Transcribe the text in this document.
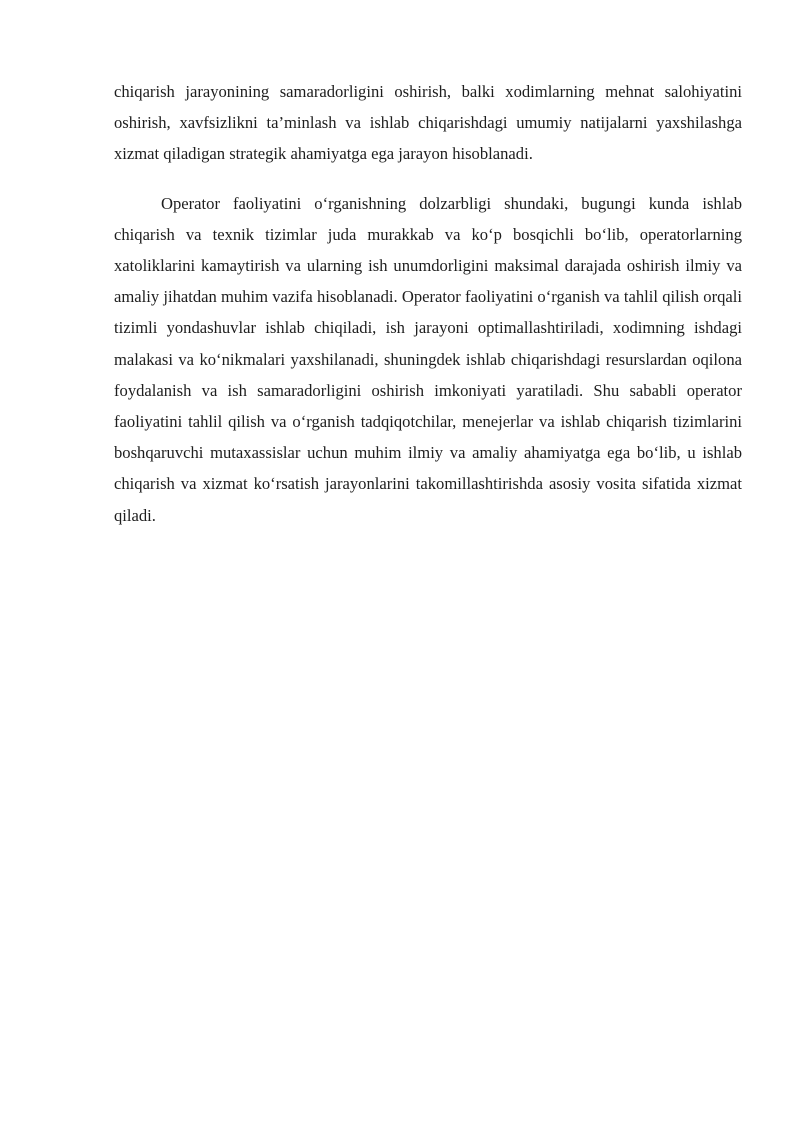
chiqarish jarayonining samaradorligini oshirish, balki xodimlarning mehnat salohiyatini oshirish, xavfsizlikni ta’minlash va ishlab chiqarishdagi umumiy natijalarni yaxshilashga xizmat qiladigan strategik ahamiyatga ega jarayon hisoblanadi.

Operator faoliyatini o‘rganishning dolzarbligi shundaki, bugungi kunda ishlab chiqarish va texnik tizimlar juda murakkab va ko‘p bosqichli bo‘lib, operatorlarning xatoliklarini kamaytirish va ularning ish unumdorligini maksimal darajada oshirish ilmiy va amaliy jihatdan muhim vazifa hisoblanadi. Operator faoliyatini o‘rganish va tahlil qilish orqali tizimli yondashuvlar ishlab chiqiladi, ish jarayoni optimallashtiriladi, xodimning ishdagi malakasi va ko‘nikmalari yaxshilanadi, shuningdek ishlab chiqarishdagi resurslardan oqilona foydalanish va ish samaradorligini oshirish imkoniyati yaratiladi. Shu sababli operator faoliyatini tahlil qilish va o‘rganish tadqiqotchilar, menejerlar va ishlab chiqarish tizimlarini boshqaruvchi mutaxassislar uchun muhim ilmiy va amaliy ahamiyatga ega bo‘lib, u ishlab chiqarish va xizmat ko‘rsatish jarayonlarini takomillashtirishda asosiy vosita sifatida xizmat qiladi.
